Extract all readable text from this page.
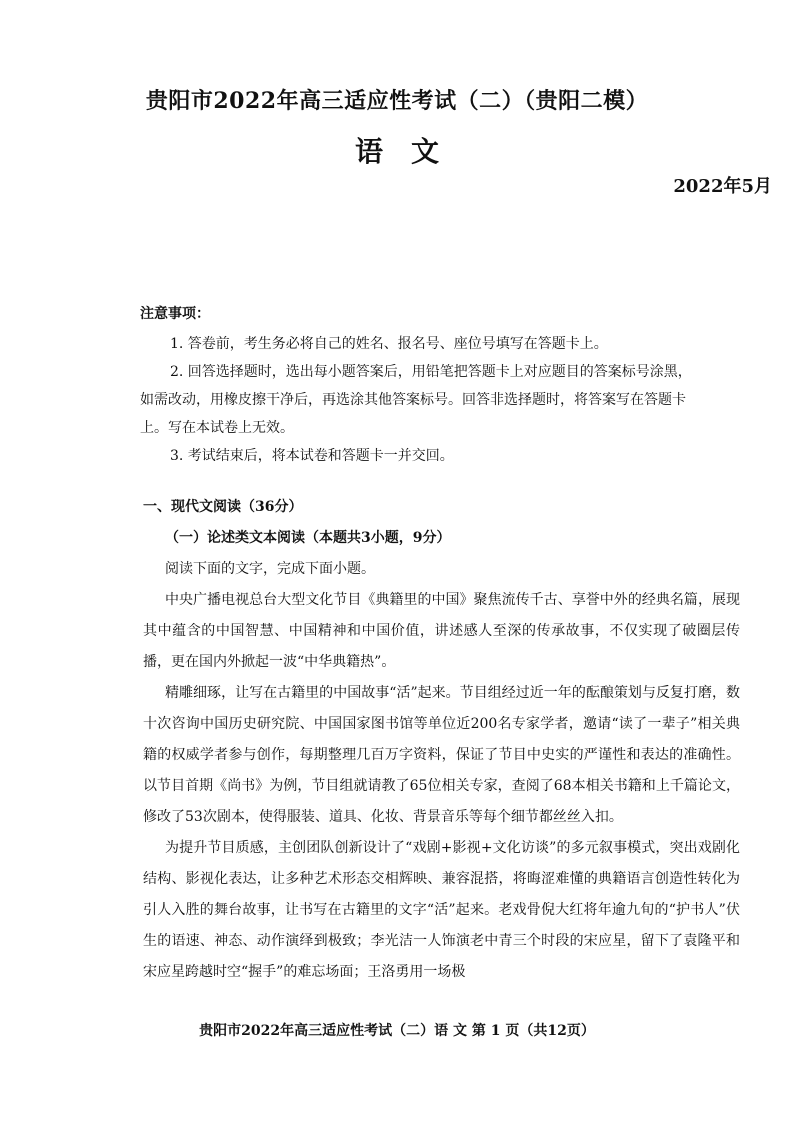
贵阳市2022年高三适应性考试（二）（贵阳二模）
语文
2022年5月
注意事项：

1. 答卷前，考生务必将自己的姓名、报名号、座位号填写在答题卡上。

2. 回答选择题时，选出每小题答案后，用铅笔把答题卡上对应题目的答案标号涂黑，

如需改动，用橡皮擦干净后，再选涂其他答案标号。回答非选择题时，将答案写在答题卡

上。写在本试卷上无效。

3. 考试结束后，将本试卷和答题卡一并交回。

一、现代文阅读（36分）
（一）论述类文本阅读（本题共3小题，9分）

阅读下面的文字，完成下面小题。

中央广播电视总台大型文化节目《典籍里的中国》聚焦流传千古、享誉中外的经典名篇，展现其中蕴含的中国智慧、中国精神和中国价值，讲述感人至深的传承故事，不仅实现了破圈层传播，更在国内外掀起一波“中华典籍热”。

精雕细琢，让写在古籍里的中国故事“活”起来。节目组经过近一年的酝酿策划与反复打磨，数十次咨询中国历史研究院、中国国家图书馆等单位近200名专家学者，邀请“读了一辈子”相关典籍的权威学者参与创作，每期整理几百万字资料，保证了节目中史实的严谨性和表达的准确性。以节目首期《尚书》为例，节目组就请教了65位相关专家，查阅了68本相关书籍和上千篇论文，修改了53次剧本，使得服装、道具、化妆、背景音乐等每个细节都丝丝入扣。

为提升节目质感，主创团队创新设计了“戏剧+影视+文化访谈”的多元叙事模式，突出戏剧化结构、影视化表达，让多种艺术形态交相辉映、兼容混搭，将晦涩难懂的典籍语言创造性转化为引人入胜的舞台故事，让书写在古籍里的文字“活”起来。老戏骨倪大红将年逾九旬的“护书人”伏生的语速、神态、动作演绎到极致；李光洁一人饰演老中青三个时段的宋应星，留下了袁隆平和宋应星跨越时空“握手”的难忘场面；王洛勇用一场极

贵阳市2022年高三适应性考试（二）语 文 第 1 页（共12页）
